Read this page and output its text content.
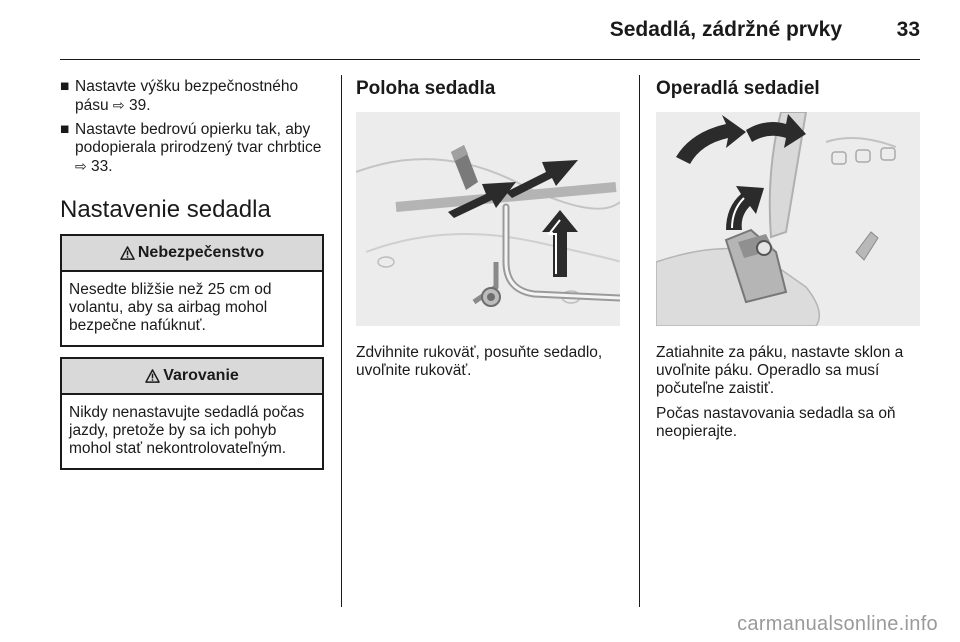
Sedadlá, zádržné prvky	33
■ Nastavte výšku bezpečnostného pásu ⇨ 39.
■ Nastavte bedrovú opierku tak, aby podopierala prirodzený tvar chrbtice ⇨ 33.
Nastavenie sedadla
Nebezpečenstvo
Nesedte bližšie než 25 cm od volantu, aby sa airbag mohol bezpečne nafúknuť.
Varovanie
Nikdy nenastavujte sedadlá počas jazdy, pretože by sa ich pohyb mohol stať nekontrolovateľným.
Poloha sedadla
Zdvihnite rukoväť, posuňte sedadlo, uvoľnite rukoväť.
Operadlá sedadiel
Zatiahnite za páku, nastavte sklon a uvoľnite páku. Operadlo sa musí počuteľne zaistiť.
Počas nastavovania sedadla sa oň neopierajte.
carmanualsonline.info
